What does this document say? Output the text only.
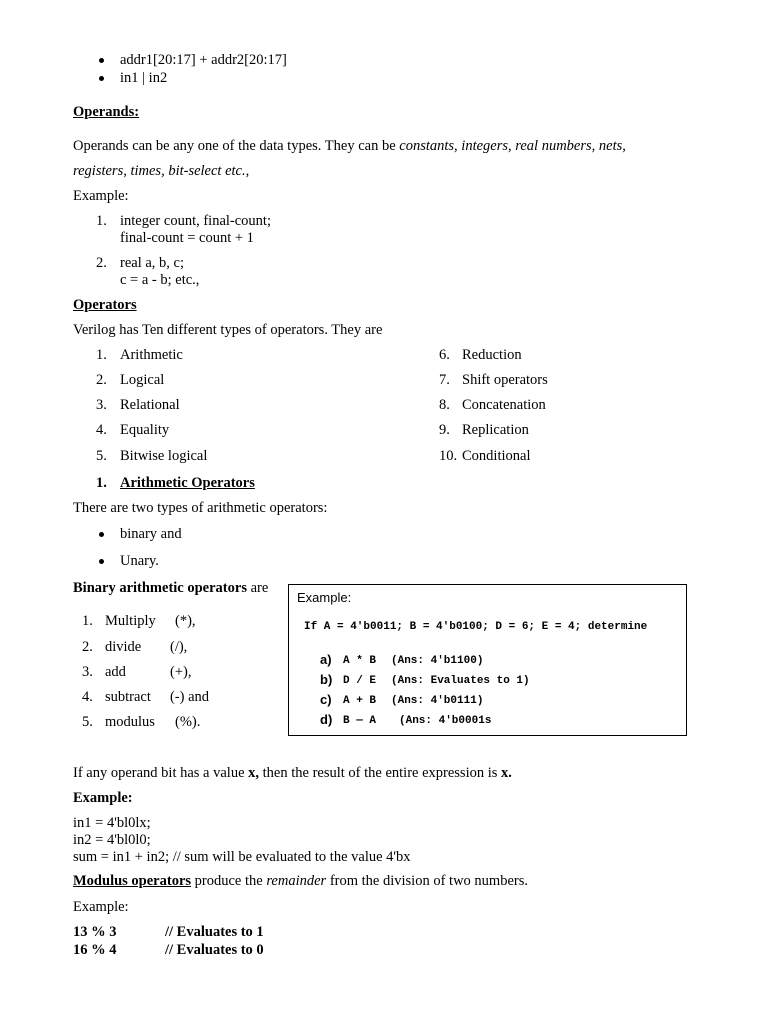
addr1[20:17] + addr2[20:17]
in1 | in2
Operands:
Operands can be any one of the data types. They can be constants, integers, real numbers, nets,
registers, times, bit-select etc.,
Example:
1. integer count, final-count;
final-count = count + 1
2. real a, b, c;
c = a - b; etc.,
Operators
Verilog has Ten different types of operators. They are
1. Arithmetic
2. Logical
3. Relational
4. Equality
5. Bitwise logical
6. Reduction
7. Shift operators
8. Concatenation
9. Replication
10. Conditional
1. Arithmetic Operators
There are two types of arithmetic operators:
binary and
Unary.
Binary arithmetic operators are
1. Multiply (*),
2. divide (/),
3. add	(+),
4. subtract (-) and
5. modulus (%).
Example:
If A = 4'b0011; B = 4'b0100; D = 6; E = 4; determine
a) A * B (Ans: 4'b1100)
b) D / E (Ans: Evaluates to 1)
c) A + B (Ans: 4'b0111)
d) B — A (Ans: 4'b0001s
If any operand bit has a value x, then the result of the entire expression is x.
Example:
in1 = 4'bl0lx;
in2 = 4'bl0l0;
sum = in1 + in2; // sum will be evaluated to the value 4'bx
Modulus operators produce the remainder from the division of two numbers.
Example:
13 % 3	// Evaluates to 1
16 % 4	// Evaluates to 0
